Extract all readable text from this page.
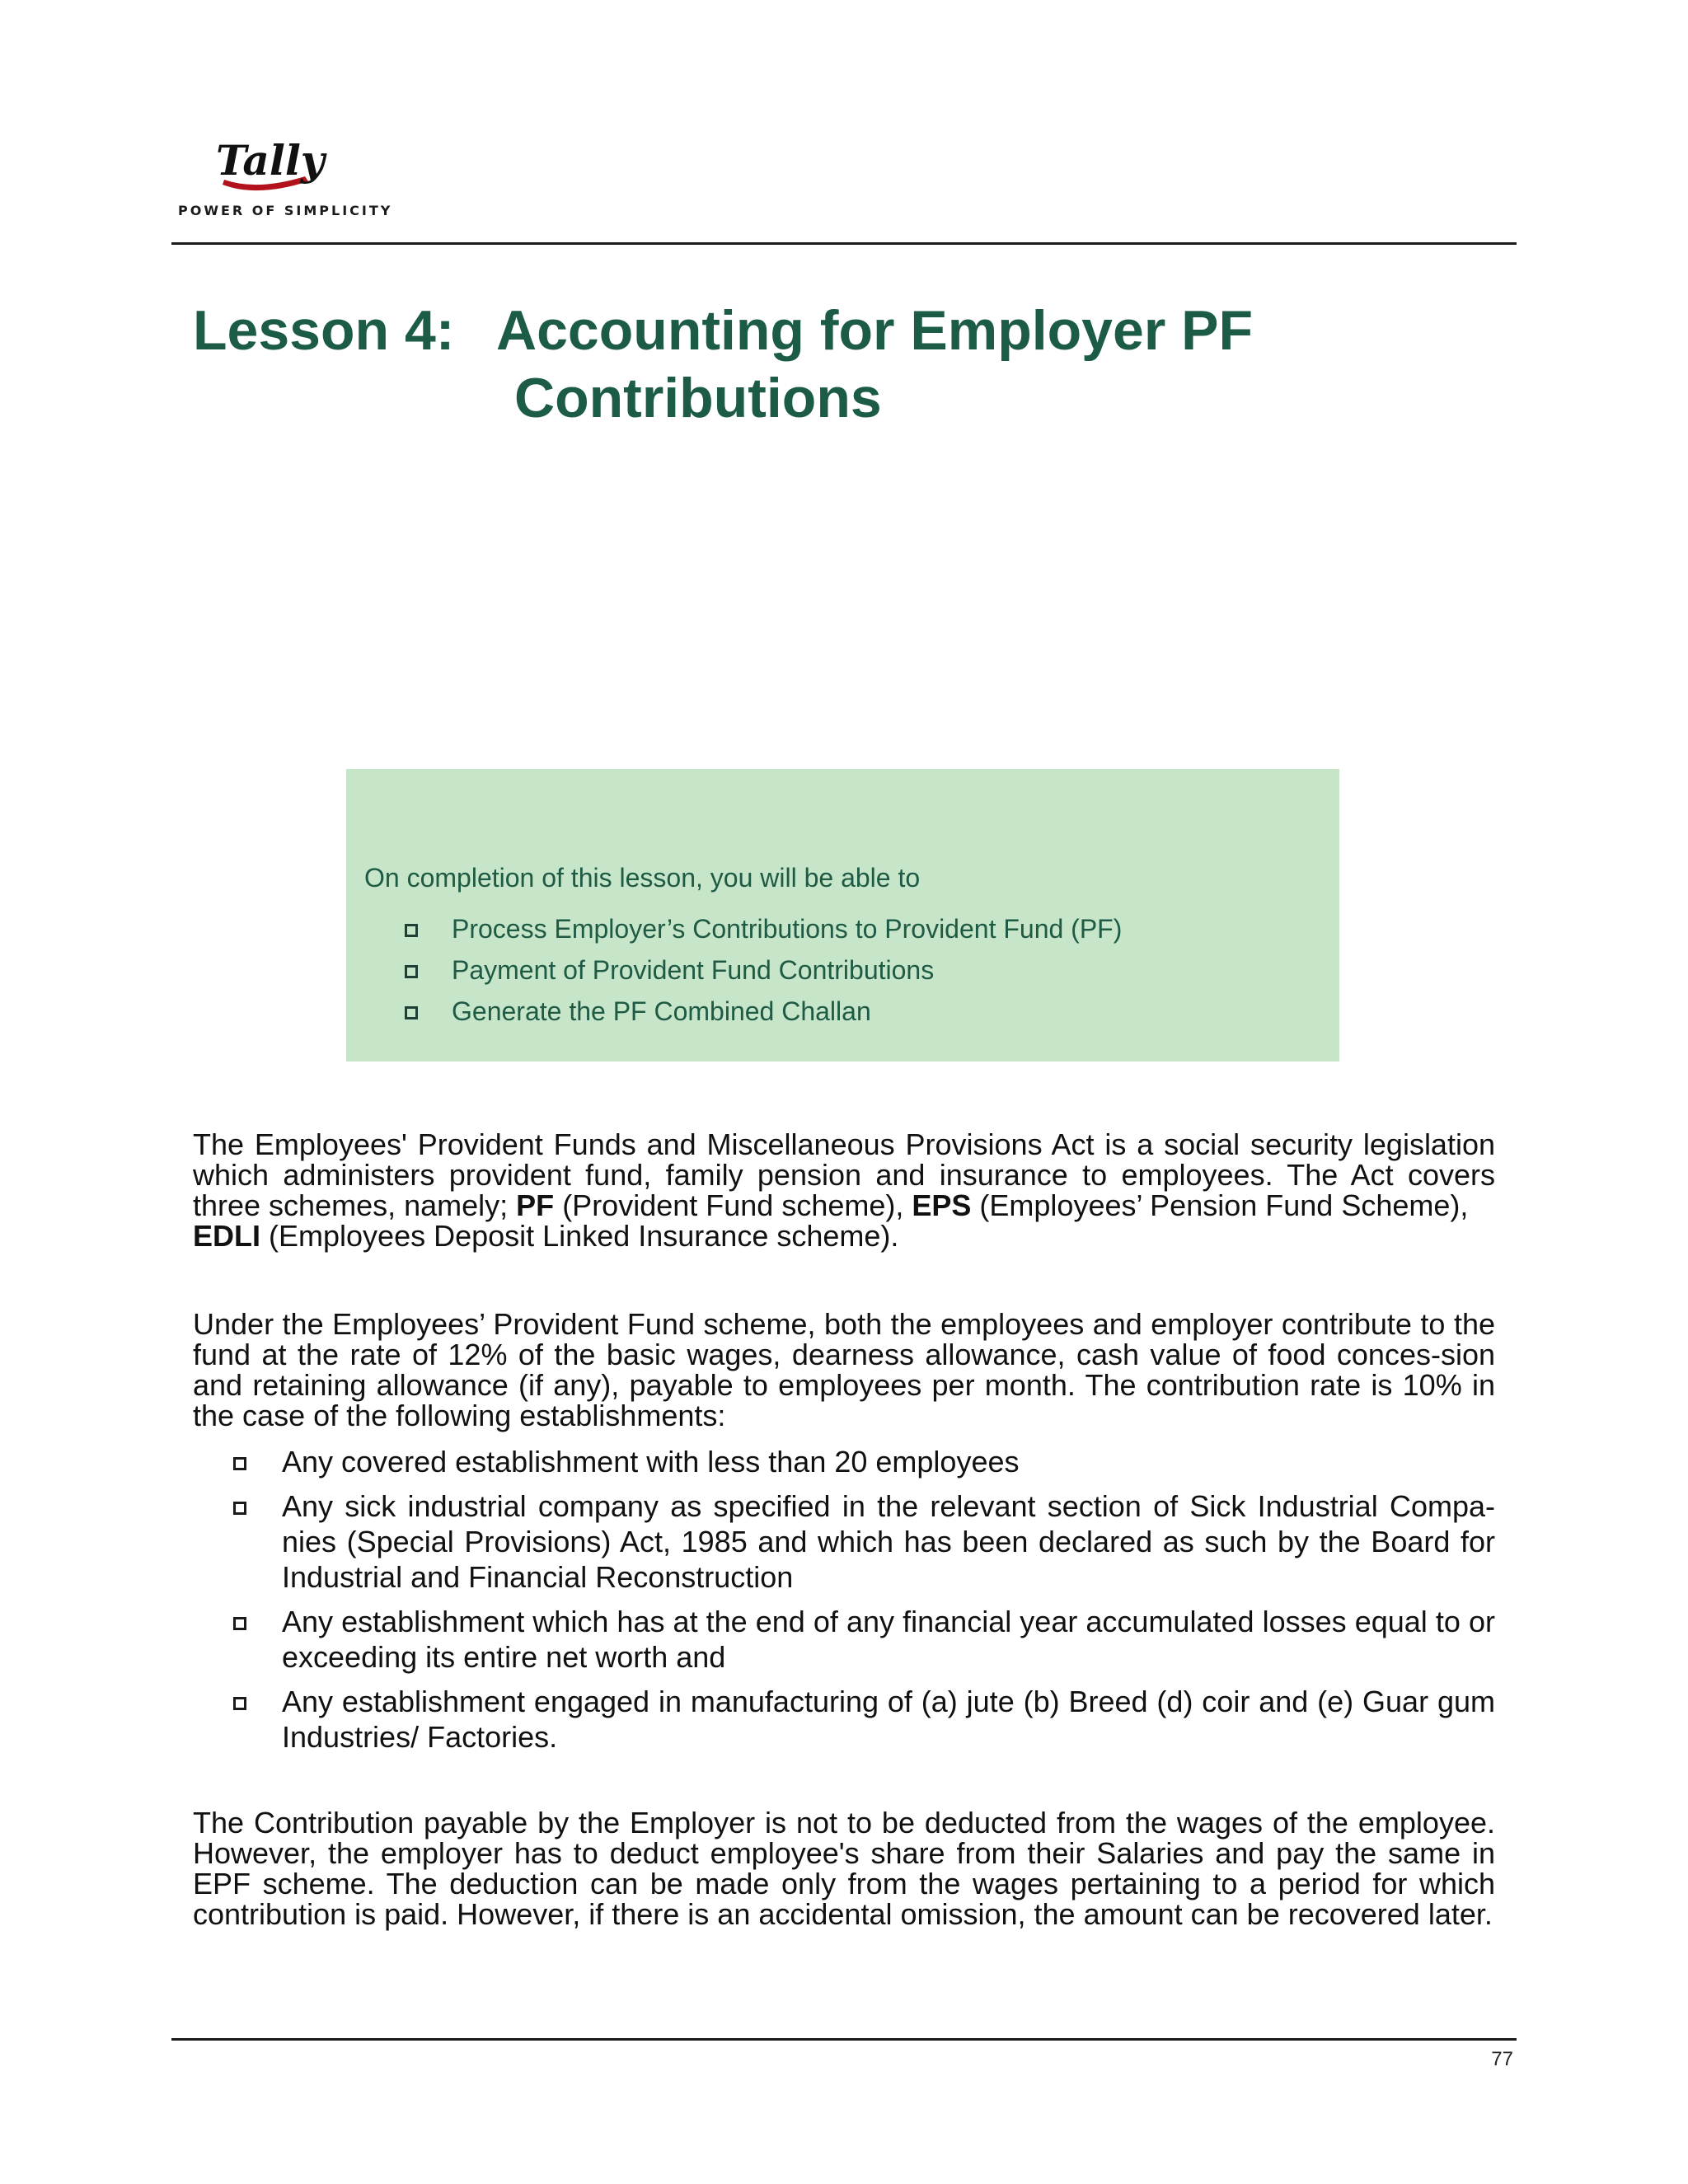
Tally
POWER OF SIMPLICITY
Lesson 4: Accounting for Employer PF
Contributions

On completion of this lesson, you will be able to

Process Employer’s Contributions to Provident Fund (PF)
Payment of Provident Fund Contributions
Generate the PF Combined Challan

The Employees' Provident Funds and Miscellaneous Provisions Act is a social security legislation which administers provident fund, family pension and insurance to employees. The Act covers three schemes, namely; PF (Provident Fund scheme), EPS (Employees’ Pension Fund Scheme),
EDLI (Employees Deposit Linked Insurance scheme).

Under the Employees’ Provident Fund scheme, both the employees and employer contribute to the fund at the rate of 12% of the basic wages, dearness allowance, cash value of food conces-sion and retaining allowance (if any), payable to employees per month. The contribution rate is 10% in the case of the following establishments:

Any covered establishment with less than 20 employees
Any sick industrial company as specified in the relevant section of Sick Industrial Compa-nies (Special Provisions) Act, 1985 and which has been declared as such by the Board for Industrial and Financial Reconstruction
Any establishment which has at the end of any financial year accumulated losses equal to or exceeding its entire net worth and
Any establishment engaged in manufacturing of (a) jute (b) Breed (d) coir and (e) Guar gum Industries/ Factories.

The Contribution payable by the Employer is not to be deducted from the wages of the employee. However, the employer has to deduct employee's share from their Salaries and pay the same in EPF scheme. The deduction can be made only from the wages pertaining to a period for which contribution is paid. However, if there is an accidental omission, the amount can be recovered later.

77
